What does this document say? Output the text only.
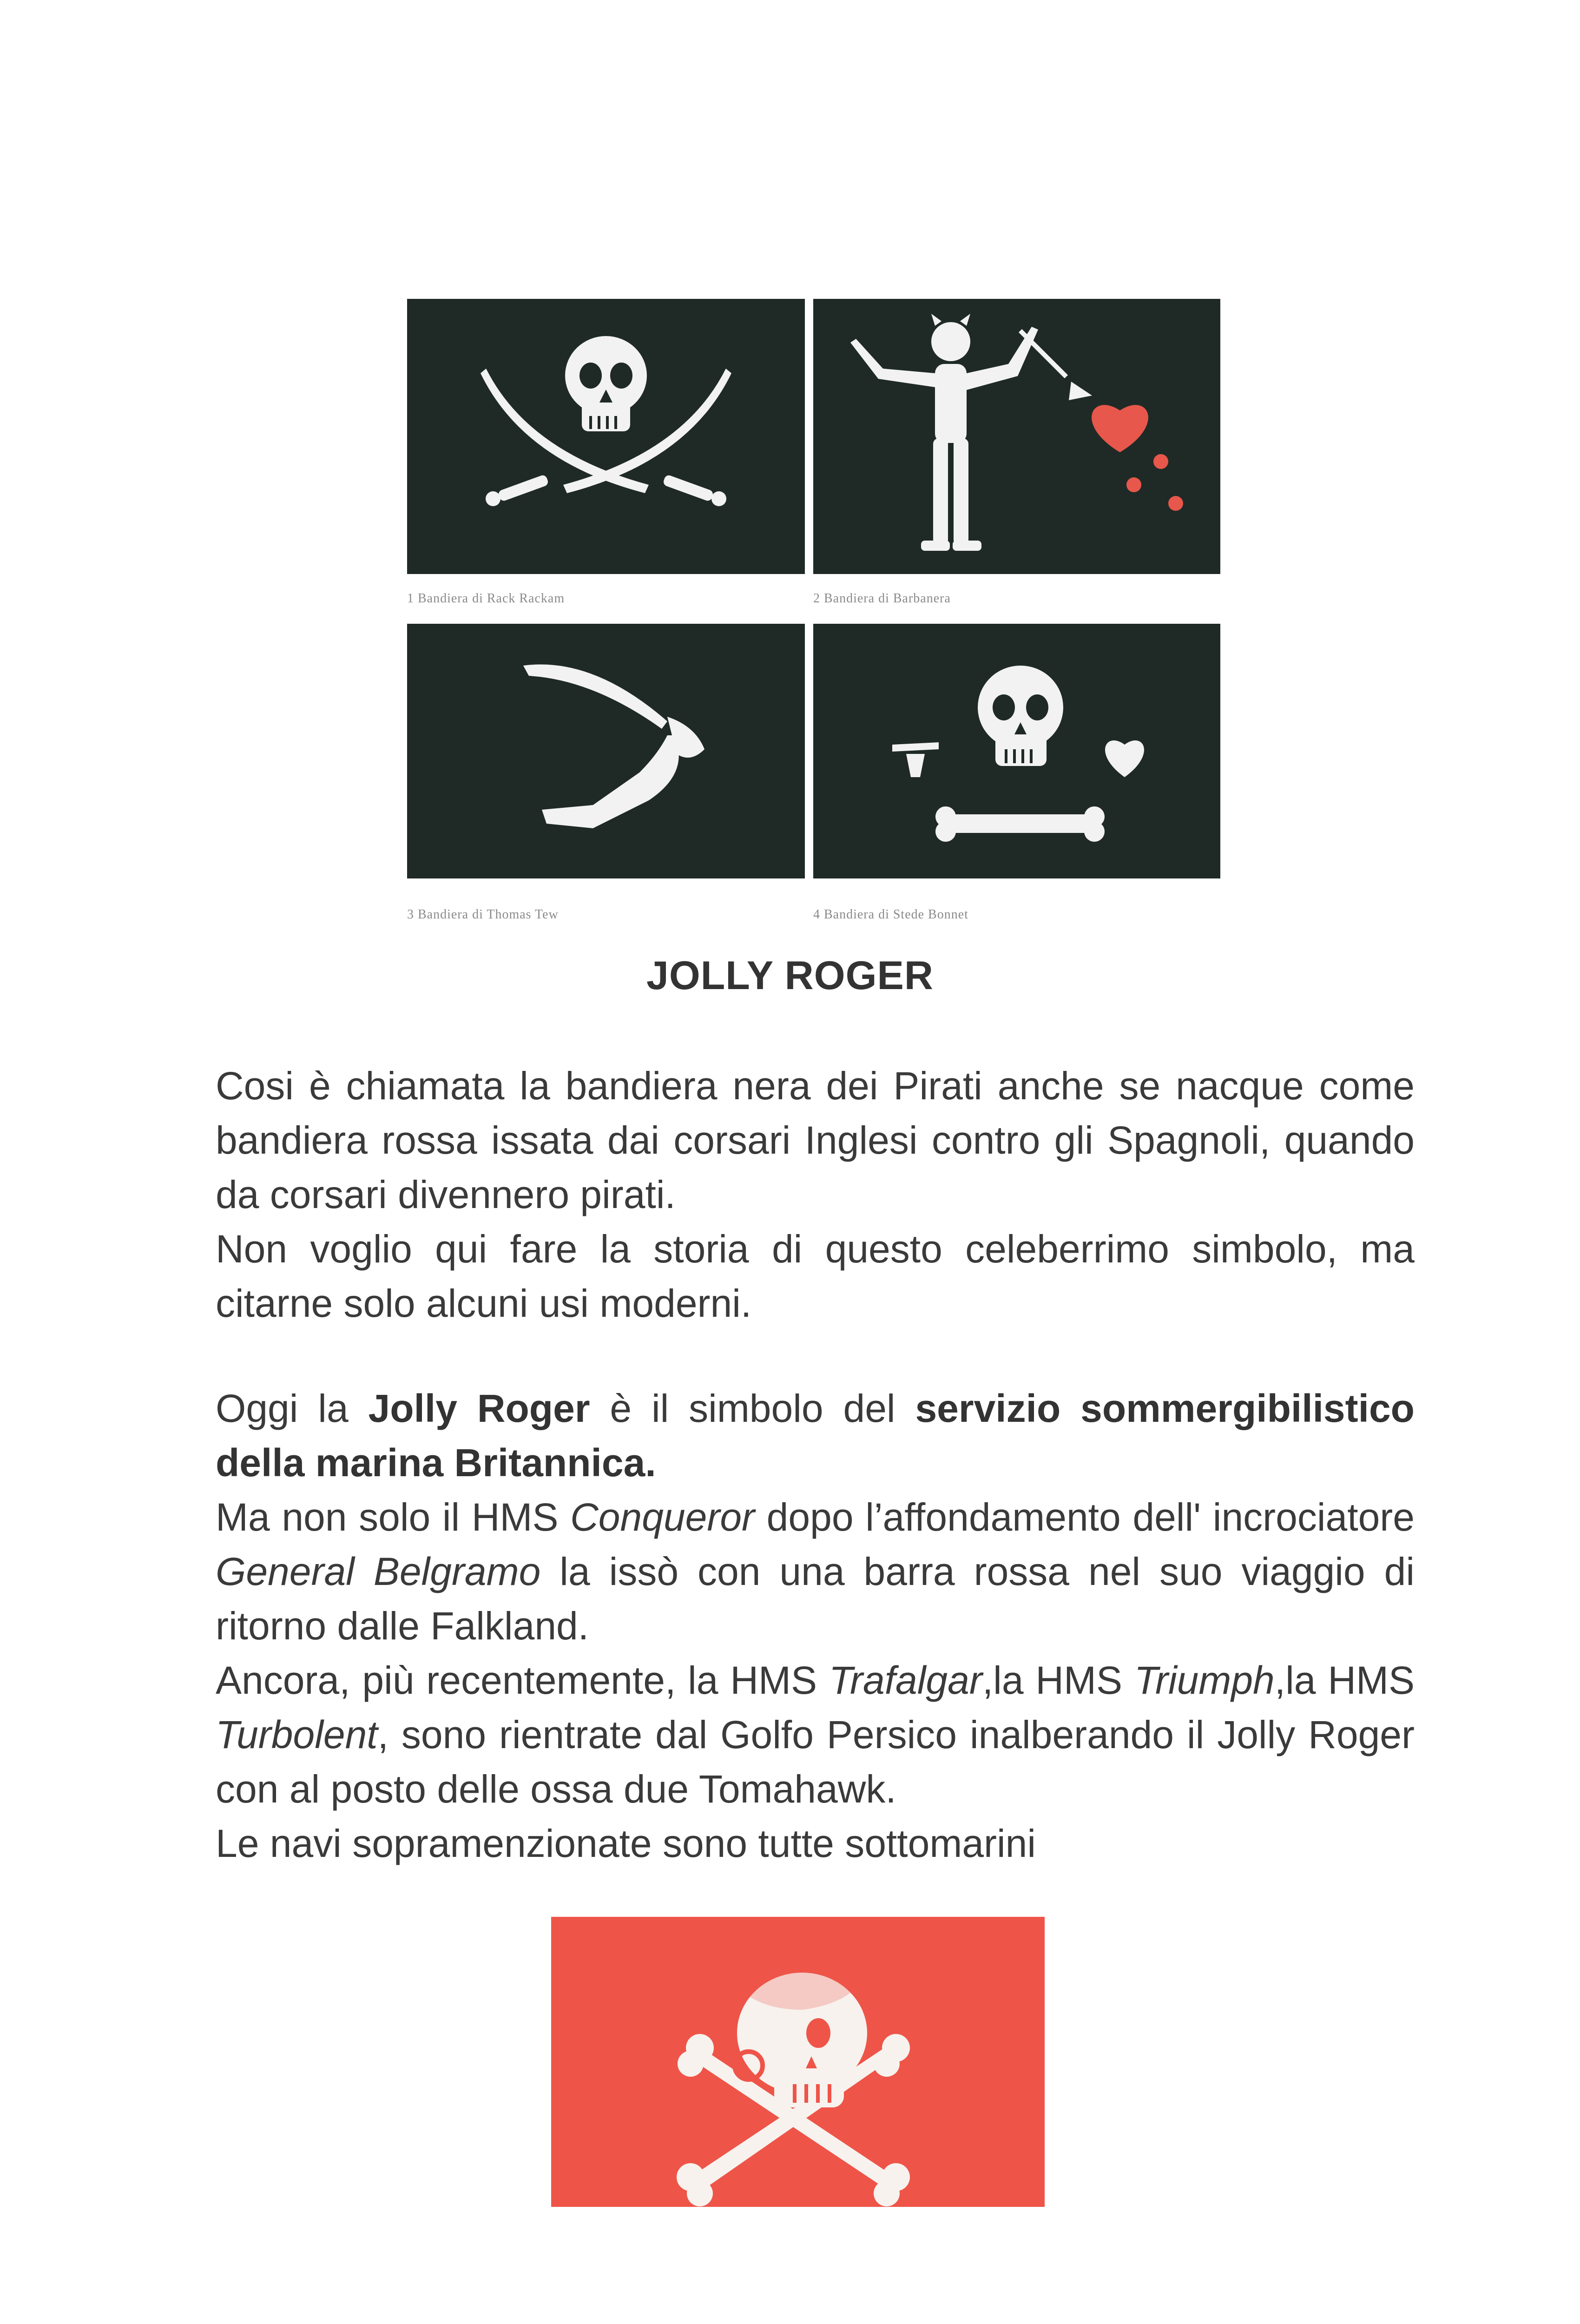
1 Bandiera di Rack Rackam	2 Bandiera di Barbanera
3 Bandiera di Thomas Tew	4 Bandiera di Stede Bonnet
JOLLY ROGER

Cosi è chiamata la bandiera nera dei Pirati anche se nacque come bandiera rossa issata dai corsari Inglesi contro gli Spagnoli, quando da corsari divennero pirati.

Non voglio qui fare la storia di questo celeberrimo simbolo, ma citarne solo alcuni usi moderni.

Oggi la Jolly Roger è il simbolo del servizio sommergibilistico della marina Britannica.

Ma non solo il HMS Conqueror dopo l’affondamento dell' incrociatore General Belgramo la issò con una barra rossa nel suo viaggio di ritorno dalle Falkland.

Ancora, più recentemente, la HMS Trafalgar,la HMS Triumph,la HMS Turbolent, sono rientrate dal Golfo Persico inalberando il Jolly Roger con al posto delle ossa due Tomahawk.

Le navi sopramenzionate sono tutte sottomarini
